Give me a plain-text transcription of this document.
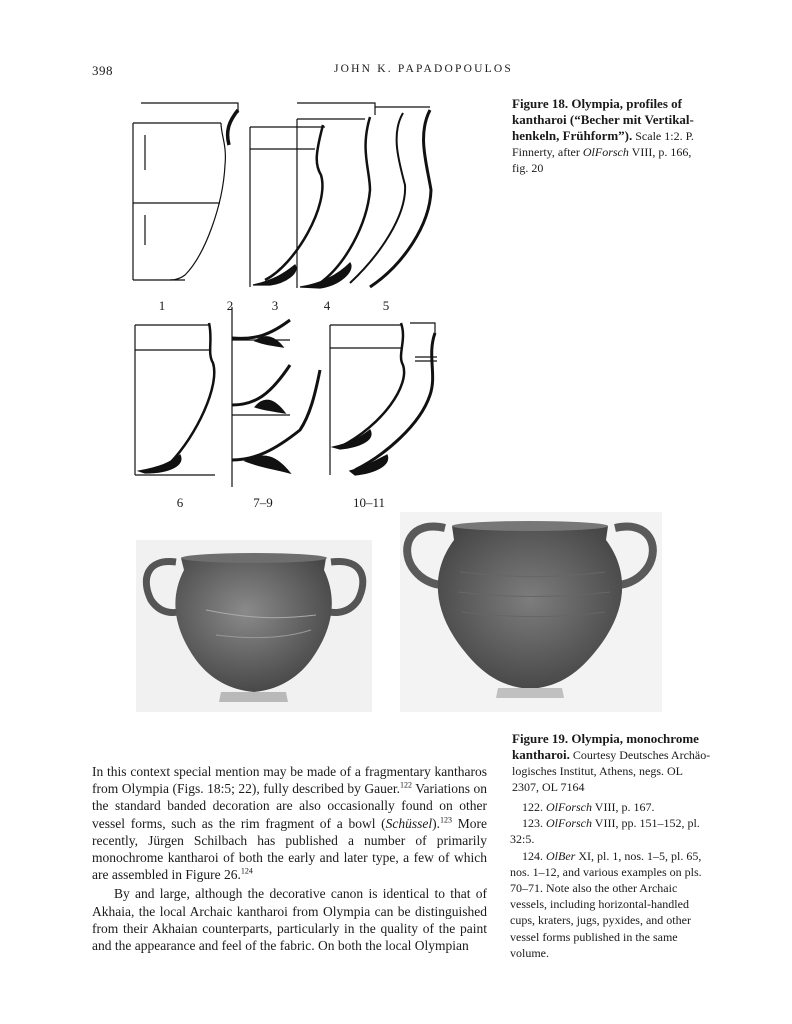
398	JOHN K. PAPADOPOULOS
1	2	3	4	5
6	7–9	10–11
Figure 18. Olympia, profiles of kantharoi (“Becher mit Vertikalhenkeln, Frühform”). Scale 1:2. P. Finnerty, after OlForsch VIII, p. 166, fig. 20
Figure 19. Olympia, monochrome kantharoi. Courtesy Deutsches Archäologisches Institut, Athens, negs. OL 2307, OL 7164

In this context special mention may be made of a fragmentary kantharos from Olympia (Figs. 18:5; 22), fully described by Gauer.$^{122}$ Variations on the standard banded decoration are also occasionally found on other vessel forms, such as the rim fragment of a bowl (Schüssel).$^{123}$ More recently, Jürgen Schilbach has published a number of primarily monochrome kantharoi of both the early and later type, a few of which are assembled in Figure 26.$^{124}$

By and large, although the decorative canon is identical to that of Akhaia, the local Archaic kantharoi from Olympia can be distinguished from their Akhaian counterparts, particularly in the quality of the paint and the appearance and feel of the fabric. On both the local Olympian

122. OlForsch VIII, p. 167.
123. OlForsch VIII, pp. 151–152, pl. 32:5.
124. OlBer XI, pl. 1, nos. 1–5, pl. 65, nos. 1–12, and various examples on pls. 70–71. Note also the other Archaic vessels, including horizontal-handled cups, kraters, jugs, pyxides, and other vessel forms published in the same volume.
